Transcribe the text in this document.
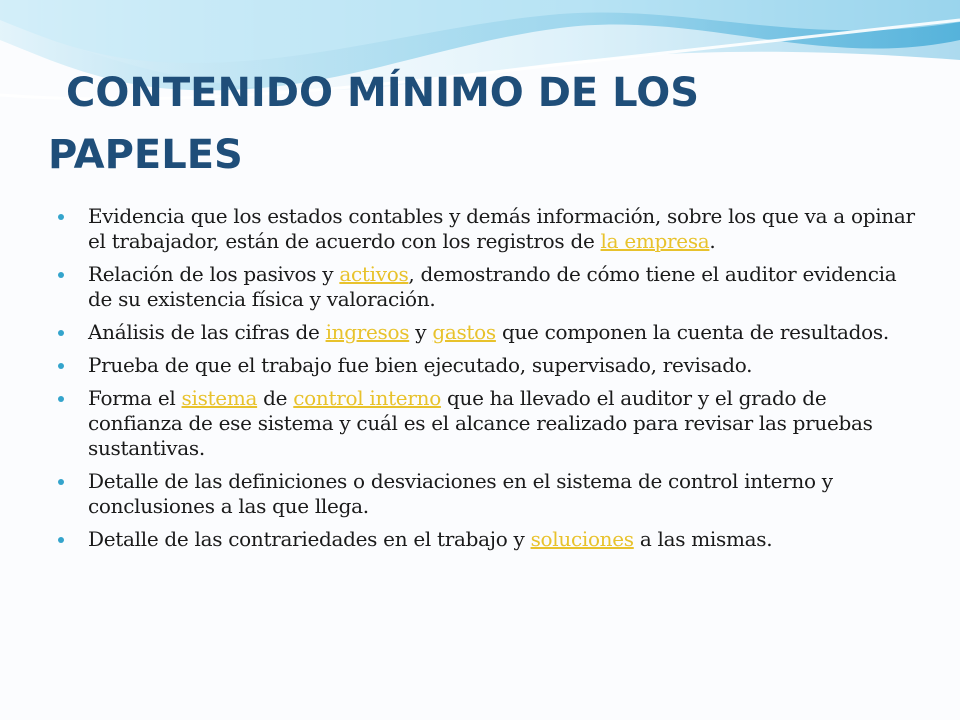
CONTENIDO MÍNIMO DE LOS
PAPELES
Evidencia que los estados contables y demás información, sobre los que va a opinar el trabajador, están de acuerdo con los registros de la empresa.
Relación de los pasivos y activos, demostrando de cómo tiene el auditor evidencia de su existencia física y valoración.
Análisis de las cifras de ingresos y gastos que componen la cuenta de resultados.
Prueba de que el trabajo fue bien ejecutado, supervisado, revisado.
Forma el sistema de control interno que ha llevado el auditor y el grado de confianza de ese sistema y cuál es el alcance realizado para revisar las pruebas sustantivas.
Detalle de las definiciones o desviaciones en el sistema de control interno y conclusiones a las que llega.
Detalle de las contrariedades en el trabajo y soluciones a las mismas.
